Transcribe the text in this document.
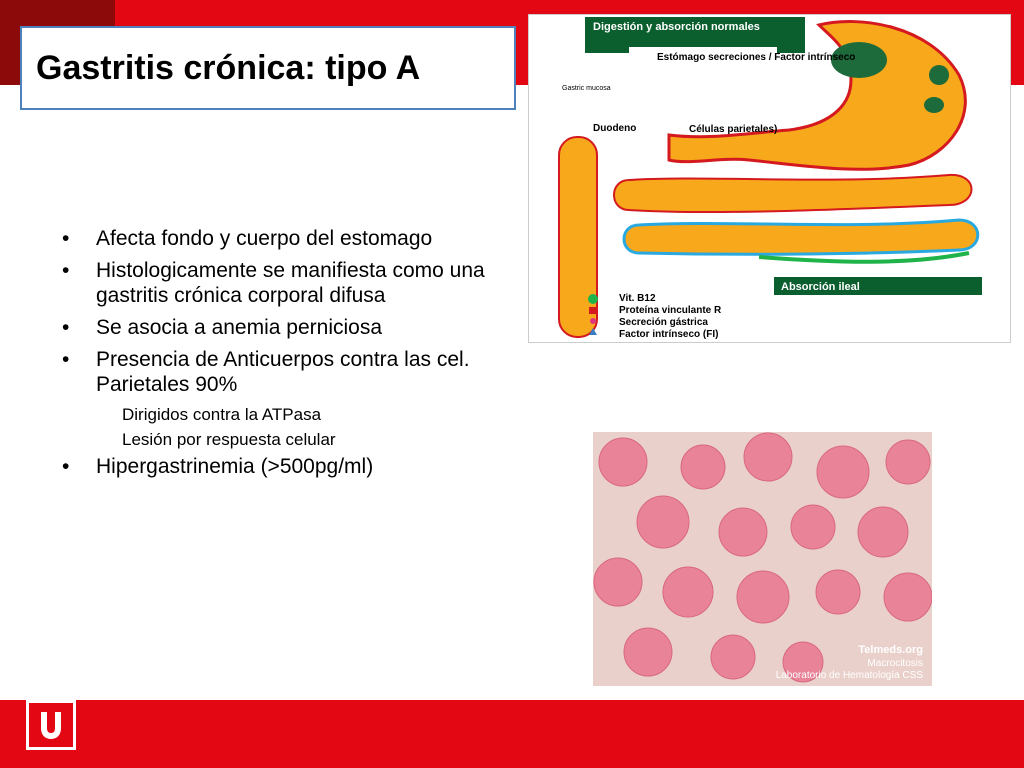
Gastritis crónica: tipo A
• Afecta fondo y cuerpo del estomago
• Histologicamente se manifiesta como una gastritis crónica corporal difusa
• Se asocia a anemia perniciosa
• Presencia de Anticuerpos contra las cel. Parietales 90%
Dirigidos contra la ATPasa
Lesión por respuesta celular
• Hipergastrinemia (>500pg/ml)
Digestión y absorción normales
Estómago secreciones / Factor intrínseco
Gastric mucosa
Duodeno	Células parietales)
Absorción ileal
Vit. B12
Proteína vinculante R
Secreción gástrica
Factor intrínseco (FI)
Telmeds.org
Macrocitosis
Laboratorio de Hematología CSS
